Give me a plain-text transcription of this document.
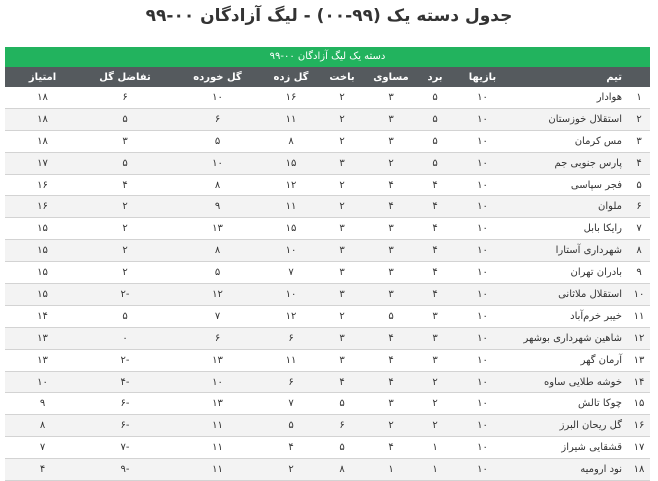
جدول دسته یک (۹۹-۰۰) - لیگ آزادگان ۰۰-۹۹
دسته یک لیگ آزادگان ۰۰-۹۹
	تیم	بازیها	برد	مساوی	باخت	گل زده	گل خورده	تفاضل گل	امتیاز
۱	هوادار	۱۰	۵	۳	۲	۱۶	۱۰	۶	۱۸
۲	استقلال خوزستان	۱۰	۵	۳	۲	۱۱	۶	۵	۱۸
۳	مس کرمان	۱۰	۵	۳	۲	۸	۵	۳	۱۸
۴	پارس جنوبی جم	۱۰	۵	۲	۳	۱۵	۱۰	۵	۱۷
۵	فجر سپاسی	۱۰	۴	۴	۲	۱۲	۸	۴	۱۶
۶	ملوان	۱۰	۴	۴	۲	۱۱	۹	۲	۱۶
۷	رایکا بابل	۱۰	۴	۳	۳	۱۵	۱۳	۲	۱۵
۸	شهرداری آستارا	۱۰	۴	۳	۳	۱۰	۸	۲	۱۵
۹	بادران تهران	۱۰	۴	۳	۳	۷	۵	۲	۱۵
۱۰	استقلال ملاثانی	۱۰	۴	۳	۳	۱۰	۱۲	-۲	۱۵
۱۱	خیبر خرم‌آباد	۱۰	۳	۵	۲	۱۲	۷	۵	۱۴
۱۲	شاهین شهرداری بوشهر	۱۰	۳	۴	۳	۶	۶	۰	۱۳
۱۳	آرمان گهر	۱۰	۳	۴	۳	۱۱	۱۳	-۲	۱۳
۱۴	خوشه طلایی ساوه	۱۰	۲	۴	۴	۶	۱۰	-۴	۱۰
۱۵	چوکا تالش	۱۰	۲	۳	۵	۷	۱۳	-۶	۹
۱۶	گل ریحان البرز	۱۰	۲	۲	۶	۵	۱۱	-۶	۸
۱۷	قشقایی شیراز	۱۰	۱	۴	۵	۴	۱۱	-۷	۷
۱۸	نود ارومیه	۱۰	۱	۱	۸	۲	۱۱	-۹	۴
